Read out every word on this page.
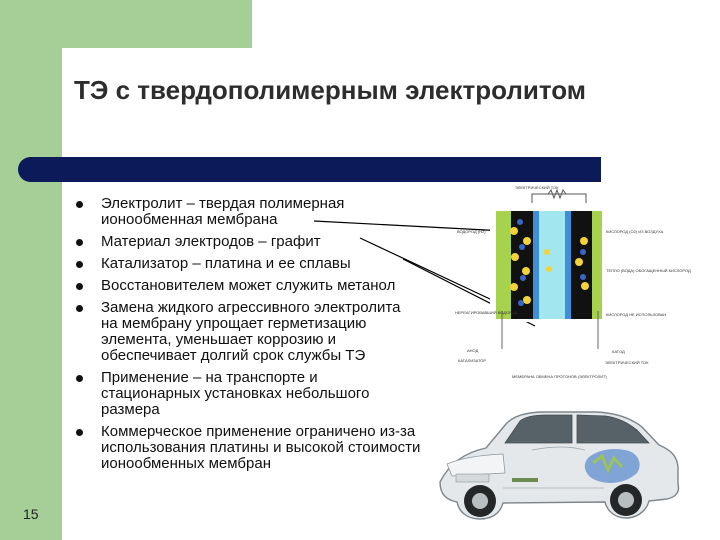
ТЭ с твердополимерным электролитом
Электролит – твердая полимерная ионообменная мембрана
Материал электродов – графит
Катализатор – платина и ее сплавы
Восстановителем может служить метанол
Замена жидкого агрессивного электролита на мембрану упрощает герметизацию элемента, уменьшает коррозию и обеспечивает долгий срок службы ТЭ
Применение – на транспорте и стационарных установках небольшого размера
Коммерческое применение ограничено из-за использования платины и высокой стоимости ионообменных мембран
ЭЛЕКТРИЧЕСКИЙ ТОК
ВОДОРОД (H2)
НЕРЕАГИРОВАВШИЙ ВОДОРОД
АНОД
КАТАЛИЗАТОР
КИСЛОРОД (O2) ИЗ ВОЗДУХА
ТЕПЛО (ВОДА) ОБОГАЩЕННЫЙ КИСЛОРОД
КИСЛОРОД НЕ ИСПОЛЬЗОВАН
КАТОД
ЭЛЕКТРИЧЕСКИЙ ТОК
МЕМБРАНА ОБМЕНА ПРОТОНОВ (ЭЛЕКТРОЛИТ)
15
